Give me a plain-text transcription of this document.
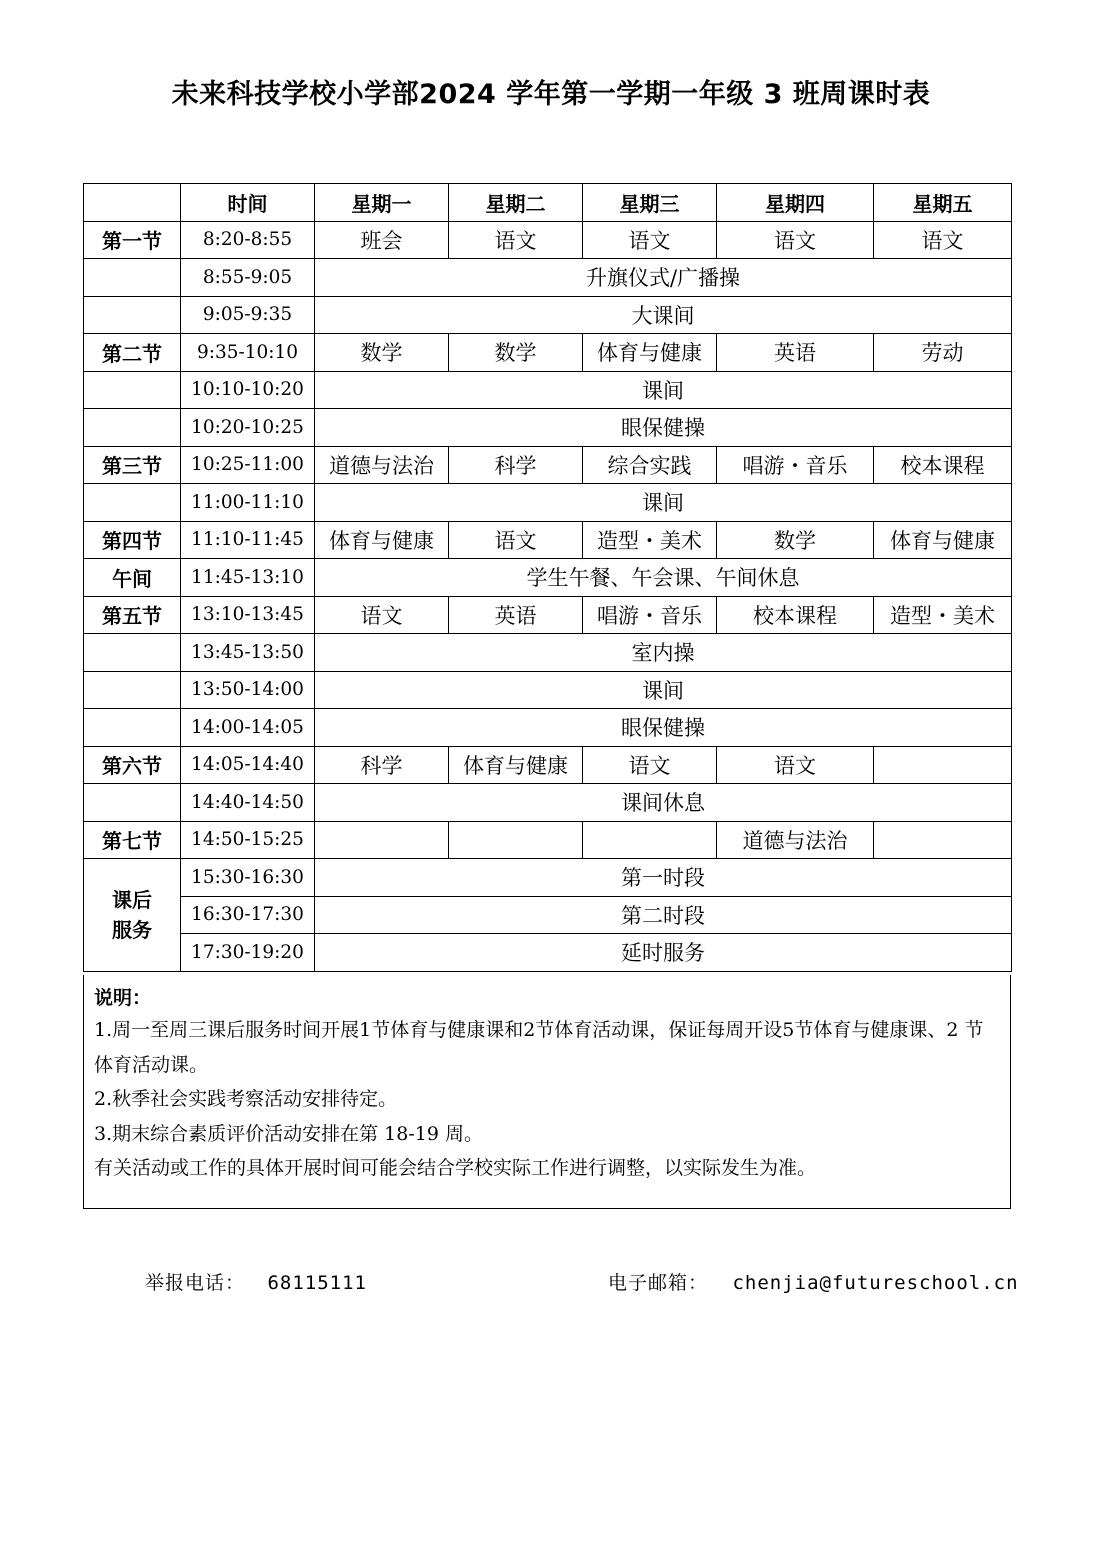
未来科技学校小学部2024 学年第一学期一年级 3 班周课时表
	时间	星期一	星期二	星期三	星期四	星期五
第一节	8:20-8:55	班会	语文	语文	语文	语文
	8:55-9:05	升旗仪式/广播操				
	9:05-9:35	大课间				
第二节	9:35-10:10	数学	数学	体育与健康	英语	劳动
	10:10-10:20	课间				
	10:20-10:25	眼保健操				
第三节	10:25-11:00	道德与法治	科学	综合实践	唱游・音乐	校本课程
	11:00-11:10	课间				
第四节	11:10-11:45	体育与健康	语文	造型・美术	数学	体育与健康
午间	11:45-13:10	学生午餐、午会课、午间休息				
第五节	13:10-13:45	语文	英语	唱游・音乐	校本课程	造型・美术
	13:45-13:50	室内操				
	13:50-14:00	课间				
	14:00-14:05	眼保健操				
第六节	14:05-14:40	科学	体育与健康	语文	语文	
	14:40-14:50	课间休息				
第七节	14:50-15:25				道德与法治	

课后服务	15:30-16:30	第一时段				
	16:30-17:30	第二时段				
	17:30-19:20	延时服务				
说明：
1.周一至周三课后服务时间开展1节体育与健康课和2节体育活动课，保证每周开设5节体育与健康课、2 节体育活动课。
2.秋季社会实践考察活动安排待定。
3.期末综合素质评价活动安排在第 18-19 周。
有关活动或工作的具体开展时间可能会结合学校实际工作进行调整，以实际发生为准。
举报电话： 68115111	电子邮箱： chenjia@futureschool.cn
